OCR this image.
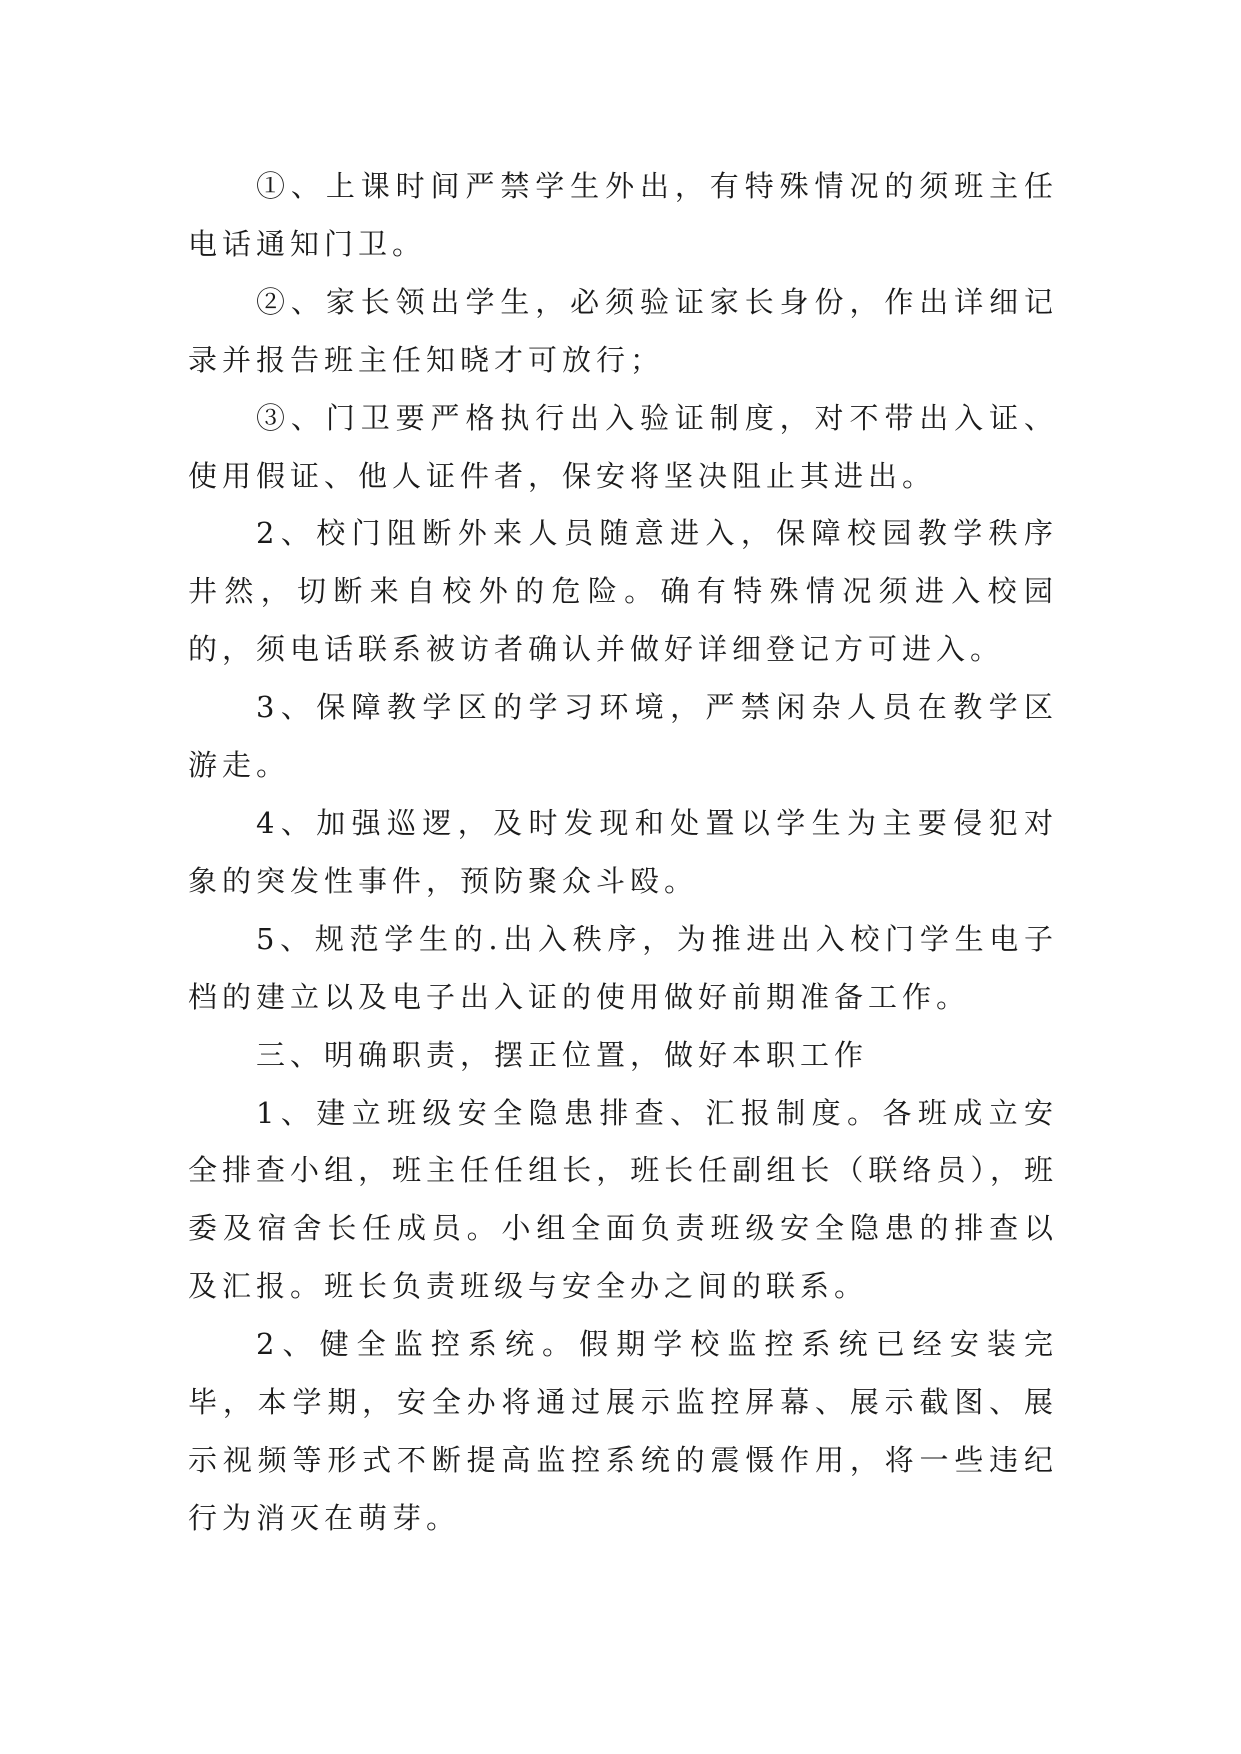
①、上课时间严禁学生外出，有特殊情况的须班主任电话通知门卫。

②、家长领出学生，必须验证家长身份，作出详细记录并报告班主任知晓才可放行；

③、门卫要严格执行出入验证制度，对不带出入证、使用假证、他人证件者，保安将坚决阻止其进出。

2、校门阻断外来人员随意进入，保障校园教学秩序井然，切断来自校外的危险。确有特殊情况须进入校园的，须电话联系被访者确认并做好详细登记方可进入。

3、保障教学区的学习环境，严禁闲杂人员在教学区游走。

4、加强巡逻，及时发现和处置以学生为主要侵犯对象的突发性事件，预防聚众斗殴。

5、规范学生的.出入秩序，为推进出入校门学生电子档的建立以及电子出入证的使用做好前期准备工作。

三、明确职责，摆正位置，做好本职工作

1、建立班级安全隐患排查、汇报制度。各班成立安全排查小组，班主任任组长，班长任副组长（联络员），班委及宿舍长任成员。小组全面负责班级安全隐患的排查以及汇报。班长负责班级与安全办之间的联系。

2、健全监控系统。假期学校监控系统已经安装完毕，本学期，安全办将通过展示监控屏幕、展示截图、展示视频等形式不断提高监控系统的震慑作用，将一些违纪行为消灭在萌芽。
